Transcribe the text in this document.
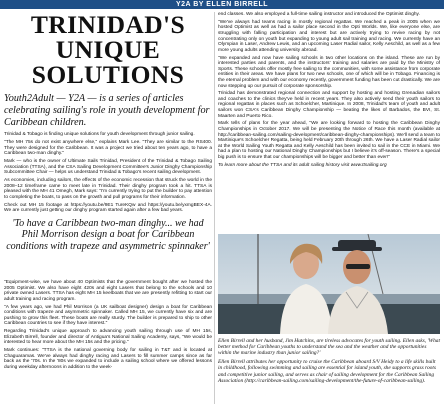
Y2A BY ELLEN BIRRELL
TRINIDAD'S
UNIQUE
SOLUTIONS

Youth2Adult — Y2A — is a series of articles celebrating sailing's role in youth development for Caribbean children.

Trinidad & Tobago is finding unique solutions for youth development through junior sailing.

"The MH 75s do not exist anywhere else," explains Mark Lee. "They are similar to the RS400. They were designed for the Caribbean. It was a project we tried about ten years ago, to have a Caribbean two-man dinghy."

Mark — who is the owner of Ultimate Sails Trinidad, President of the Trinidad & Tobago Sailing Association (TTSA), and the CSA Sailing Development Committee's Junior Dinghy Championship Subcommittee Chair — helps us understand Trinidad & Tobago's recent sailing development.

As economies, including sailors, the effects of the economic recession that struck the world in the 2008–12 timeframe came to meet late in Trinidad. Their dinghy program took a hit. TTSA is pleased with the MH 41 Omegh, Mark says: "I'm currently trying to put the builder to pay attention to completing the boats, to pass on the growth and pull programs for their information.

Check out MH 15 footage at https://youtu.be/9E1 TureKQw and https://youtu.be/yxmgBEX-4A. We are currently just getting our dinghy program started again after a few bad years.

'To have a Caribbean two-man dinghy... we had Phil Morrison design a boat for Caribbean conditions with trapeze and asymmetric spinnaker'

"Equipment-wise, we have about 40 Optimists that the government bought after we hosted the 2005 Optimist. We also have eight 420s and eight Lasers that belong to the schools and 10 private owned Lasers. TTSA has eight MH 15 keelboats that we are presently refitting to start our adult training and racing program.

"A few years ago, we had Phil Morrison (a UK sailboat designer) design a boat for Caribbean conditions with trapeze and asymmetric spinnaker. Called MH 15, we currently have six and are pushing to grow this fleet. These boats are really sturdy. The builder is prepared to ship to other Caribbean countries to see if they have interest."

Regarding Trinidad's unique approach to advancing youth sailing through use of MH 15s, Elizabeth Birrell, founder and director of Antigua's National Sailing Academy, says, "We would be interested to hear more about the MH 15s and the pricing."

Mark continues: "TTSA is the national governing body for sailing in T&T and is located at Chaguaramas. We've always had dinghy racing and Lasers to fill summer camps since as far back as the '70s. In the '80s we expanded to include a sailing school where we offered lessons during weekday afternoons in addition to the week-

end classes. We also employed a full-time sailing instructor and introduced the Optimist dinghy.

"We've always had teams racing in mostly regional regattas. We reached a peak in 2005 when we hosted Optimist as well as had a sailor place second in the Opti Worlds. We, like everyone else, are struggling with falling participation and interest but are actively trying to revive racing by not concentrating only on youth but expanding to young adult sail training and racing. We currently have an Olympian in Laser, Andrew Lewis, and an upcoming Laser Radial sailor, Kelly Aeschild, as well as a few more young adults attending university abroad.

"We expanded and now have sailing schools in two other locations on the island. These are run by interested parties and parents, and the instructors' training and salaries are paid by the Ministry of Sports. These schools offer mostly free sailing to the communities, with some assistance from corporate entities in their areas. We have plans for two new schools, one of which will be in Tobago. Financing is the eternal problem and with our economy recently, government funding has been cut drastically. We are now stepping up our pursuit of corporate sponsorship.

Trinidad has demonstrated regional connection and support by hosting and hosting Grenadian sailors and coaches to the clinics they've held in recent years. They also actively send their youth sailors to regional regattas in places such as Schoelcher, Martinique. In 2008, Trinidad's team of youth and adult sailors won CSA's Caribbean Dinghy Championship — beating the likes of Barbados, the BVI, St. Maarten and Puerto Rico.

Mark tells of plans for the year ahead, "We are looking forward to hosting the Caribbean Dinghy Championships in October 2017. We will be presenting the Notice of Race this month (available at http://caribbean-sailing.com/sailing-development/caribbean-dinghy-championships). We'll send a team to Martinique's Schoelcher Regatta, being held February 20th through 26th. We have a Laser Radial sailor at the World Sailing Youth Regatta and Kelly Aeschild has been invited to sail in the CCE in Miami. We had a plan to hosting our National Dinghy Championships but I believe it's off-season. There's a special big push is to ensure that our championships will be bigger and better than ever!"

To learn more about the TTSA and its adult sailing history visit www.ttsailing.org

Ellen Birrell and her husband, Jim Hutchins, are tireless advocates for youth sailing. Ellen asks, 'What better method for Caribbean youths to understand the sea and the weather and the opportunities within the marine industry than junior sailing?'

Ellen Birrell attributes her opportunity to cruise the Caribbean aboard S/V Heidy to a life skills built in childhood, following swimming and sailing are essential for island youth, she supports grass roots and competitive junior sailing, and serves as chair of sailing development for the Caribbean Sailing Association (http://caribbean-sailing.com/sailing-development/the-future-of-caribbean-sailing).
